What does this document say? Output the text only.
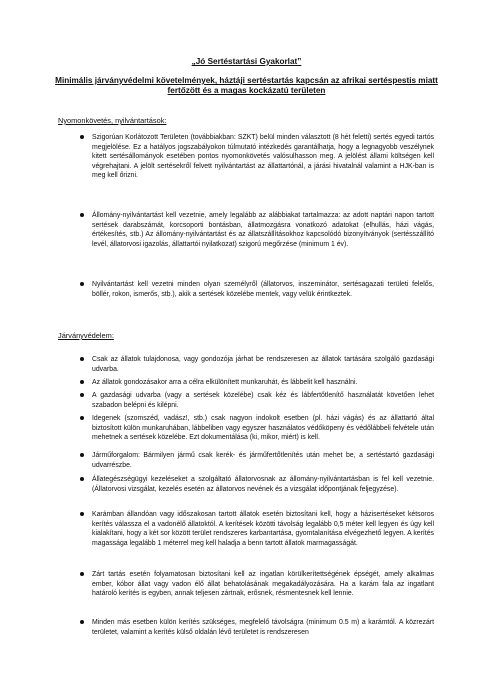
„Jó Sertéstartási Gyakorlat”
Minimális járványvédelmi követelmények, háztáji sertéstartás kapcsán az afrikai sertéspestis miatt fertőzött és a magas kockázatú területen
Nyomonkövetés, nyilvántartások:
Szigorúan Korlátozott Területen (továbbiakban: SZKT) belül minden választott (8 hét feletti) sertés egyedi tartós megjelölése. Ez a hatályos jogszabályokon túlmutató intézkedés garantálhatja, hogy a legnagyobb veszélynek kitett sertésállományok esetében pontos nyomonkövetés valósulhasson meg. A jelölést állami költségen kell végrehajtani. A jelölt sertésekről felvett nyilvántartást az állattartónál, a járási hivatalnál valamint a HJK-ban is meg kell őrizni.
Állomány-nyilvántartást kell vezetnie, amely legalább az alábbiakat tartalmazza: az adott naptári napon tartott sertések darabszámát, korcsoporti bontásban, állatmozgásra vonatkozó adatokat (elhullás, házi vágás, értékesítés, stb.) Az állomány-nyilvántartást és az állatszállításokhoz kapcsolódó bizonyítványok (sertésszállító levél, állatorvosi igazolás, állattartói nyilatkozat) szigorú megőrzése (minimum 1 év).
Nyilvántartást kell vezetni minden olyan személyről (állatorvos, inszeminátor, sertésagazati területi felelős, böllér, rokon, ismerős, stb.), akik a sertések közelébe mentek, vagy velük érintkeztek.
Járványvédelem:
Csak az állatok tulajdonosa, vagy gondozója járhat be rendszeresen az állatok tartására szolgáló gazdasági udvarba.
Az állatok gondozásakor arra a célra elkülönített munkaruhát, és lábbelit kell használni.
A gazdasági udvarba (vagy a sertések közelébe) csak kéz és lábfertőtlenítő használatát követően lehet szabadon belépni és kilépni.
Idegenek (szomszéd, vadász!, stb.) csak nagyon indokolt esetben (pl. házi vágás) és az állattartó által biztosított külön munkaruhában, lábbeliben vagy egyszer használatos védőköpeny és védőlábbeli felvétele után mehetnek a sertések közelébe. Ezt dokumentálása (ki, mikor, miért) is kell.
Járműforgalom: Bármilyen jármű csak kerék- és járműfertőtlenítés után mehet be, a sertéstartó gazdasági udvarrészbe.
Állategészségügyi kezeléseket a szolgáltató állatorvosnak az állomány-nyilvántartásban is fel kell vezetnie. (Állatorvosi vizsgálat, kezelés esetén az állatorvos nevének és a vizsgálat időpontjának feljegyzése).
Karámban állandóan vagy időszakosan tartott állatok esetén biztosítani kell, hogy a házisertéseket kétsoros kerítés válassza el a vadonélő állatoktól. A kerítések közötti távolság legalább 0,5 méter kell legyen és úgy kell kialakítani, hogy a két sor között terület rendszeres karbantartása, gyomtalanítása elvégezhető legyen. A kerítés magassága legalább 1 méterrel meg kell haladja a benn tartott állatok marmagasságát.
Zárt tartás esetén folyamatosan biztosítani kell az ingatlan körülkerítettségének épségét, amely alkalmas ember, kóbor állat vagy vadon élő állat behatolásának megakadályozására. Ha a karám fala az ingatlant határoló kerítés is egyben, annak teljesen zártnak, erősnek, résmentesnek kell lennie.
Minden más esetben külön kerítés szükséges, megfelelő távolságra (minimum 0.5 m) a karámtól. A közrezárt területet, valamint a kerítés külső oldalán lévő területet is rendszeresen
